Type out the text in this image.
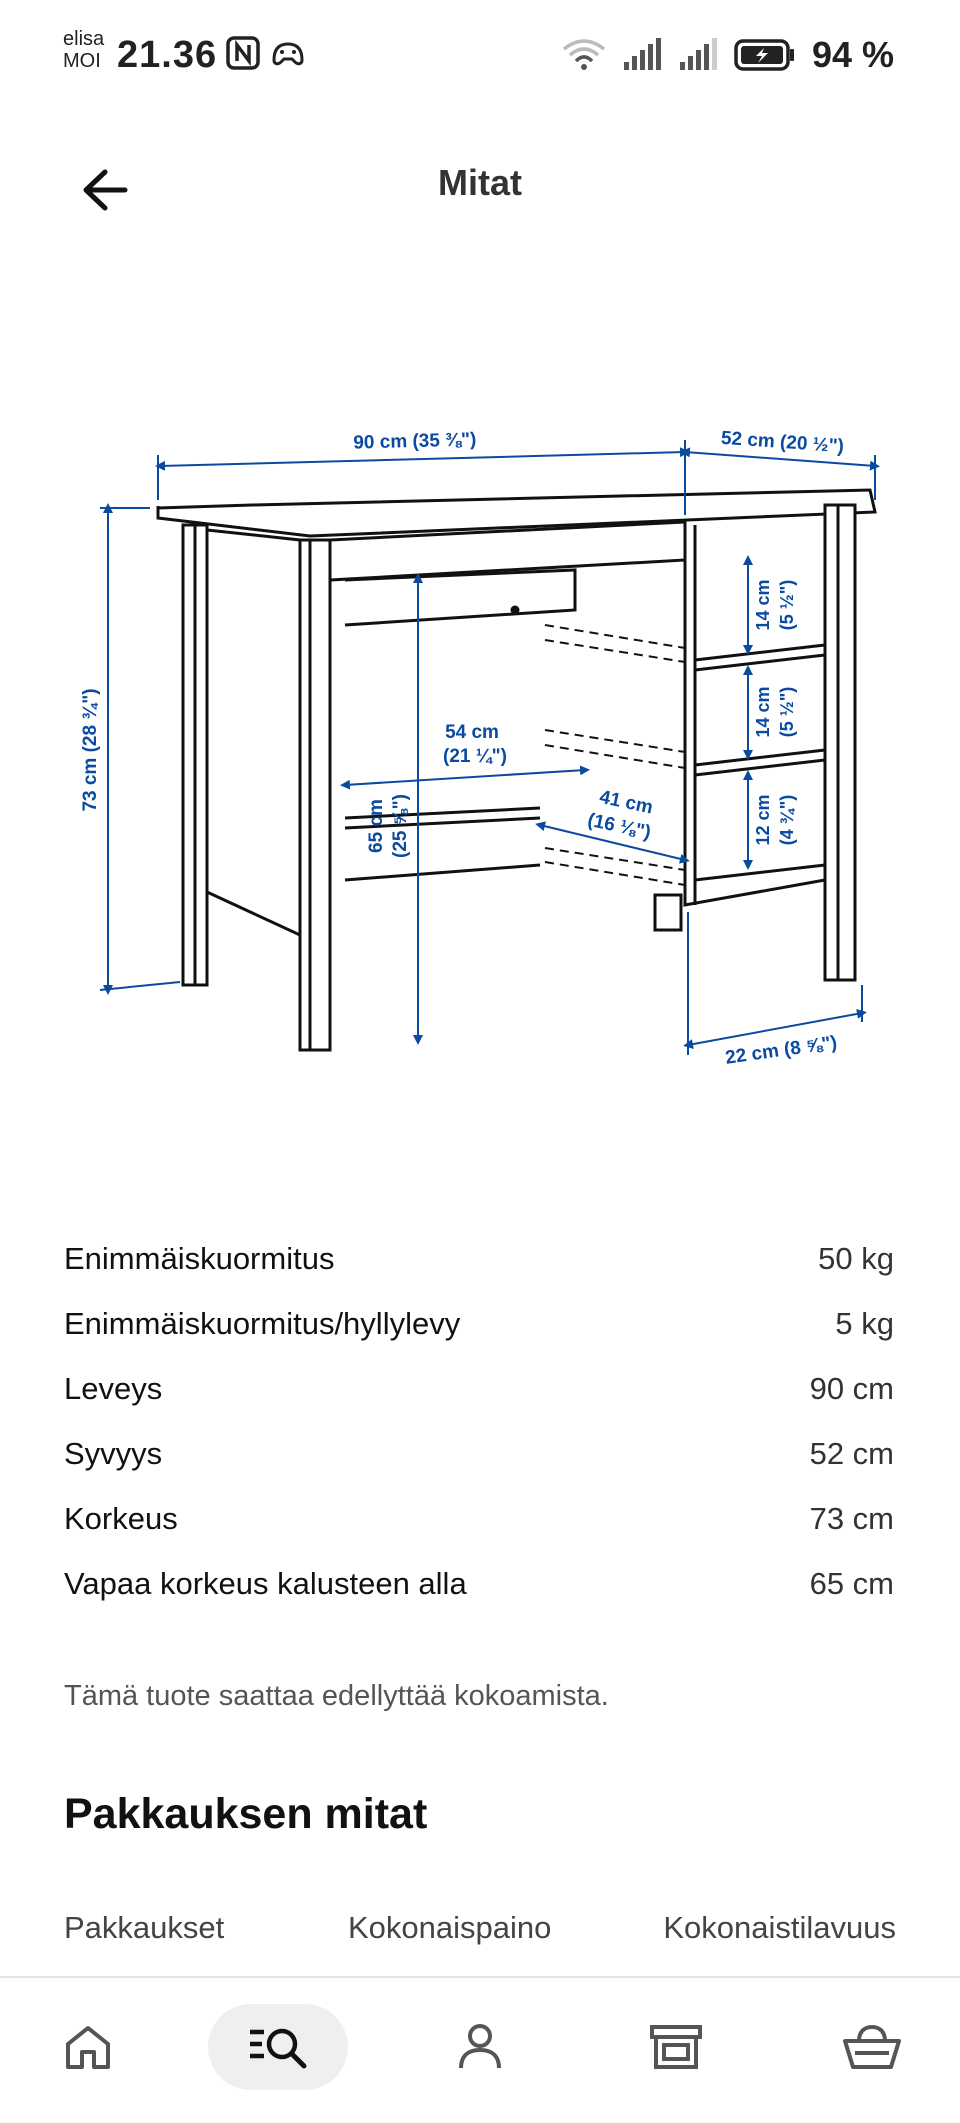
elisa
MOI 21.36	94 %
Mitat
90 cm (35 ⅜")	52 cm (20 ½")
73 cm (28 ¾")	54 cm
(21 ¼")
65 cm (25 ⅝")	41 cm
(16 ⅛")
14 cm (5 ½")
14 cm (5 ½")
12 cm (4 ¾")
22 cm (8 ⅝")
Enimmäiskuormitus	50 kg
Enimmäiskuormitus/hyllylevy	5 kg
Leveys	90 cm
Syvyys	52 cm
Korkeus	73 cm
Vapaa korkeus kalusteen alla	65 cm
Tämä tuote saattaa edellyttää kokoamista.
Pakkauksen mitat
Pakkaukset	Kokonaispaino	Kokonaistilavuus
